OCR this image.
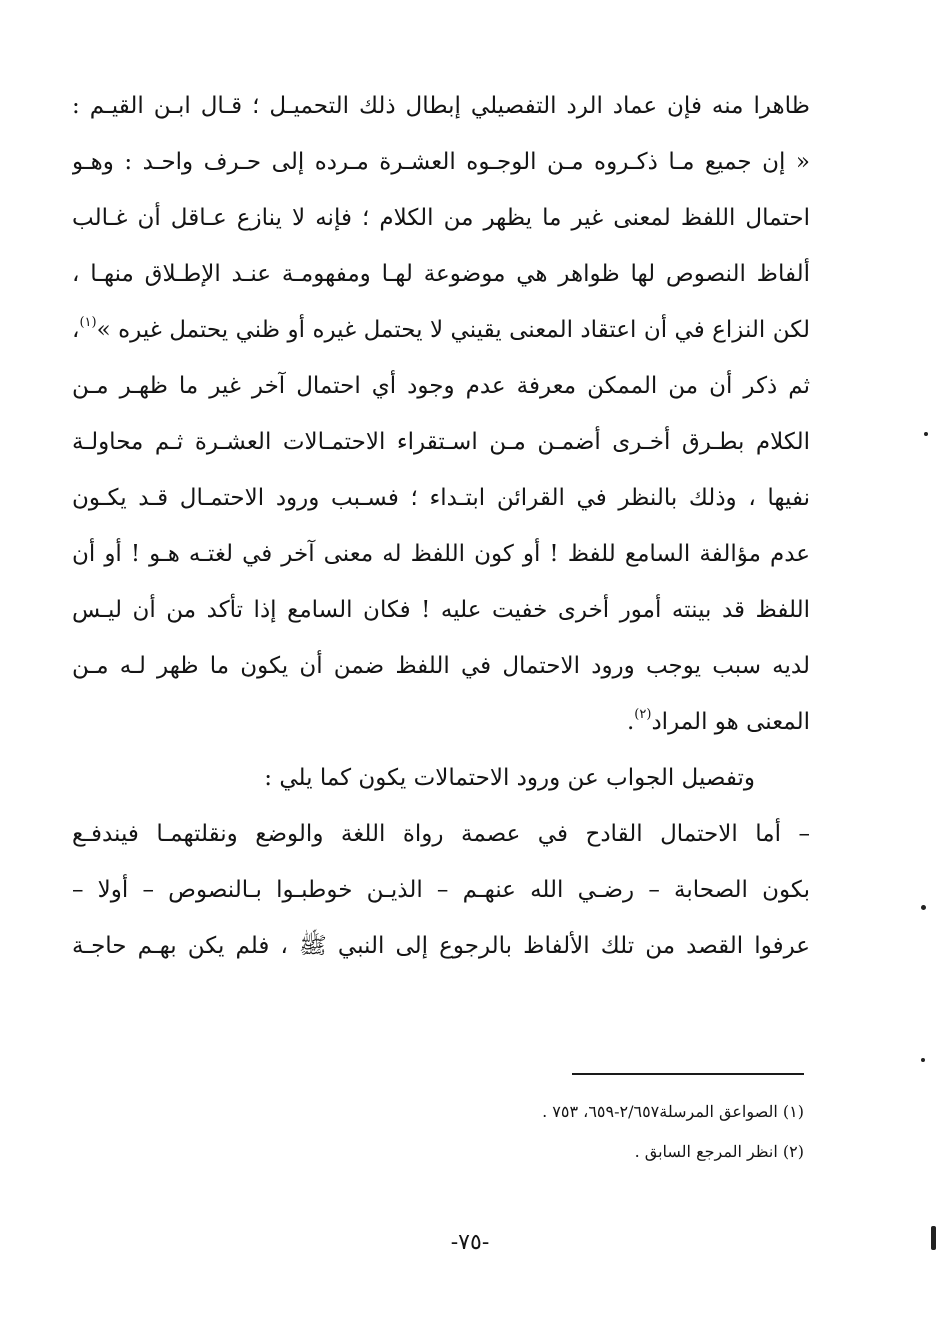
ظاهرا منه فإن عماد الرد التفصيلي إبطال ذلك التحميـل ؛ قـال ابـن القيـم :
« إن جميع مـا ذكـروه مـن الوجـوه العشـرة مـرده إلى حـرف واحـد : وهـو
احتمال اللفظ لمعنى غير ما يظهر من الكلام ؛ فإنه لا ينازع عـاقل أن غـالب
ألفاظ النصوص لها ظواهر هي موضوعة لهـا ومفهومـة عنـد الإطـلاق منهـا ،
لكن النزاع في أن اعتقاد المعنى يقيني لا يحتمل غيره أو ظني يحتمل غيره »$^{(١)}$،
ثم ذكر أن من الممكن معرفة عدم وجود أي احتمال آخر غير ما ظهـر مـن
الكلام بطـرق أخـرى أضمـن مـن اسـتقراء الاحتمـالات العشـرة ثـم محاولـة
نفيها ، وذلك بالنظر في القرائن ابتـداء ؛ فسـبب ورود الاحتمـال قـد يكـون
عدم مؤالفة السامع للفظ ! أو كون اللفظ له معنى آخر في لغتـه هـو ! أو أن
اللفظ قد بينته أمور أخرى خفيت عليه ! فكان السامع إذا تأكد من أن ليـس
لديه سبب يوجب ورود الاحتمال في اللفظ ضمن أن يكون ما ظهر لـه مـن
المعنى هو المراد$^{(٢)}$.
وتفصيل الجواب عن ورود الاحتمالات يكون كما يلي :
– أما الاحتمال القادح في عصمة رواة اللغة والوضع ونقلتهمـا فيندفـع
بكون الصحابة – رضـي الله عنهـم – الذيـن خوطبـوا بـالنصوص – أولا –
عرفوا القصد من تلك الألفاظ بالرجوع إلى النبي ﷺ ، فلم يكن بهـم حاجـة
(١) الصواعق المرسلة٢/٦٥٧-٦٥٩، ٧٥٣ .
(٢) انظر المرجع السابق .
-٧٥-
